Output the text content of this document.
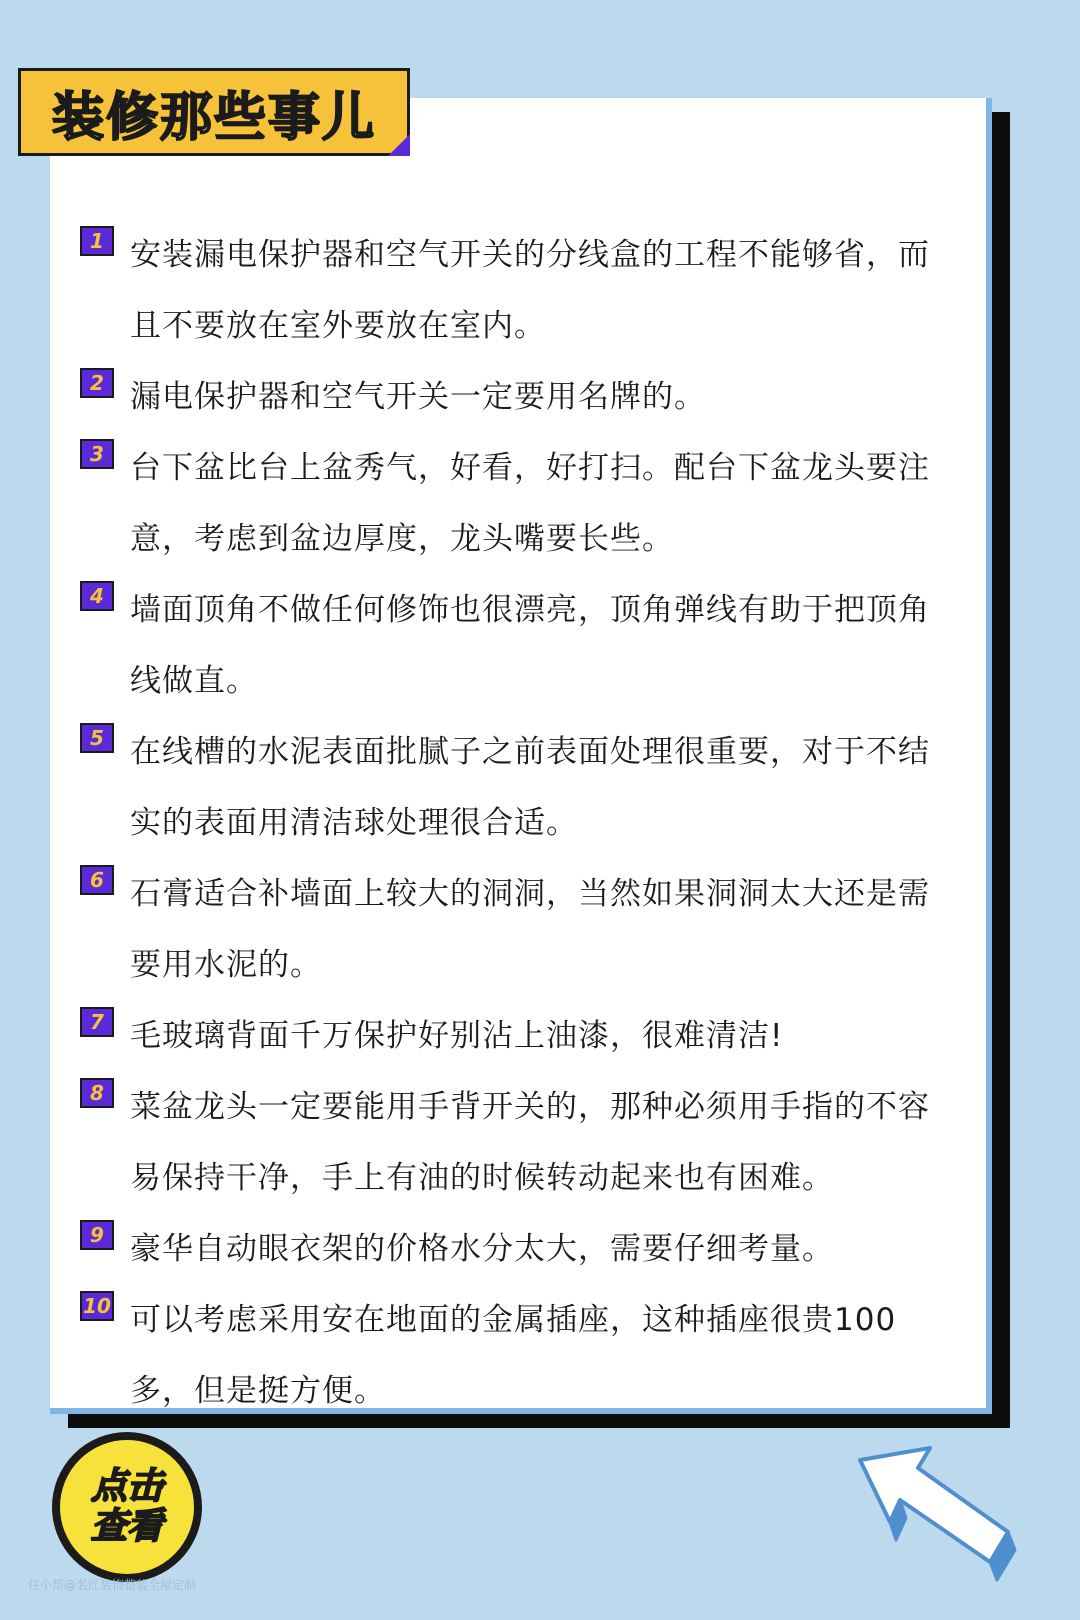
装修那些事儿
1 安装漏电保护器和空气开关的分线盒的工程不能够省，而且不要放在室外要放在室内。
2 漏电保护器和空气开关一定要用名牌的。
3 台下盆比台上盆秀气，好看，好打扫。配台下盆龙头要注意，考虑到盆边厚度，龙头嘴要长些。
4 墙面顶角不做任何修饰也很漂亮，顶角弹线有助于把顶角线做直。
5 在线槽的水泥表面批腻子之前表面处理很重要，对于不结实的表面用清洁球处理很合适。
6 石膏适合补墙面上较大的洞洞，当然如果洞洞太大还是需要用水泥的。
7 毛玻璃背面千万保护好别沾上油漆，很难清洁!
8 菜盆龙头一定要能用手背开关的，那种必须用手指的不容易保持干净，手上有油的时候转动起来也有困难。
9 豪华自动眼衣架的价格水分太大，需要仔细考量。
10 可以考虑采用安在地面的金属插座，这种插座很贵100多，但是挺方便。
点击查看
住小帮@名匠装饰整装全屋定制
